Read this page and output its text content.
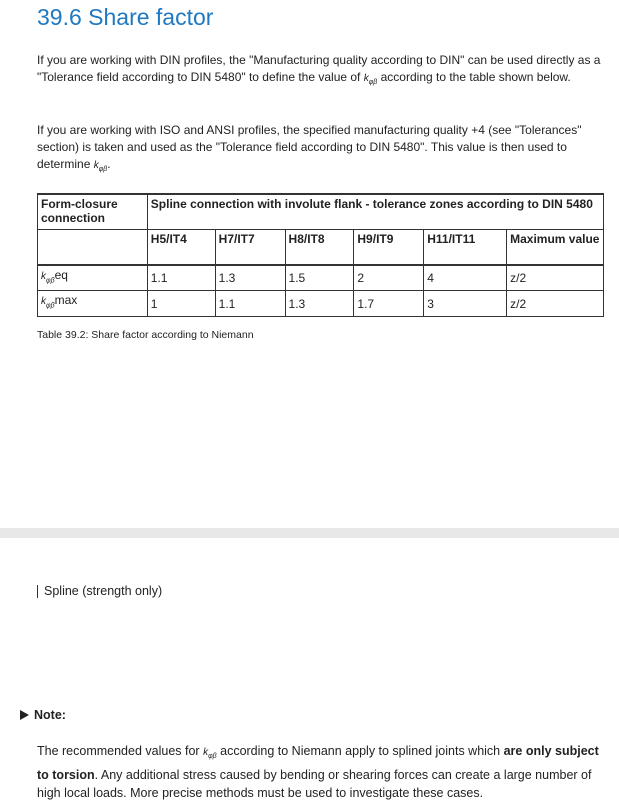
39.6 Share factor

If you are working with DIN profiles, the "Manufacturing quality according to DIN" can be used directly as a "Tolerance field according to DIN 5480" to define the value of $k_{\varphi\beta}$ according to the table shown below.

If you are working with ISO and ANSI profiles, the specified manufacturing quality +4 (see "Tolerances" section) is taken and used as the "Tolerance field according to DIN 5480". This value is then used to determine $k_{\varphi\beta}$.

Form-closure connection	Spline connection with involute flank - tolerance zones according to DIN 5480					
	H5/IT4	H7/IT7	H8/IT8	H9/IT9	H11/IT11	Maximum value
$k_{\varphi\beta}eq$	1.1	1.3	1.5	2	4	z/2
$k_{\varphi\beta}\max$	1	1.1	1.3	1.7	3	z/2
Table 39.2: Share factor according to Niemann
Spline (strength only)
Note:
The recommended values for $k_{\varphi\beta}$ according to Niemann apply to splined joints which are only subject to torsion. Any additional stress caused by bending or shearing forces can create a large number of high local loads. More precise methods must be used to investigate these cases.
